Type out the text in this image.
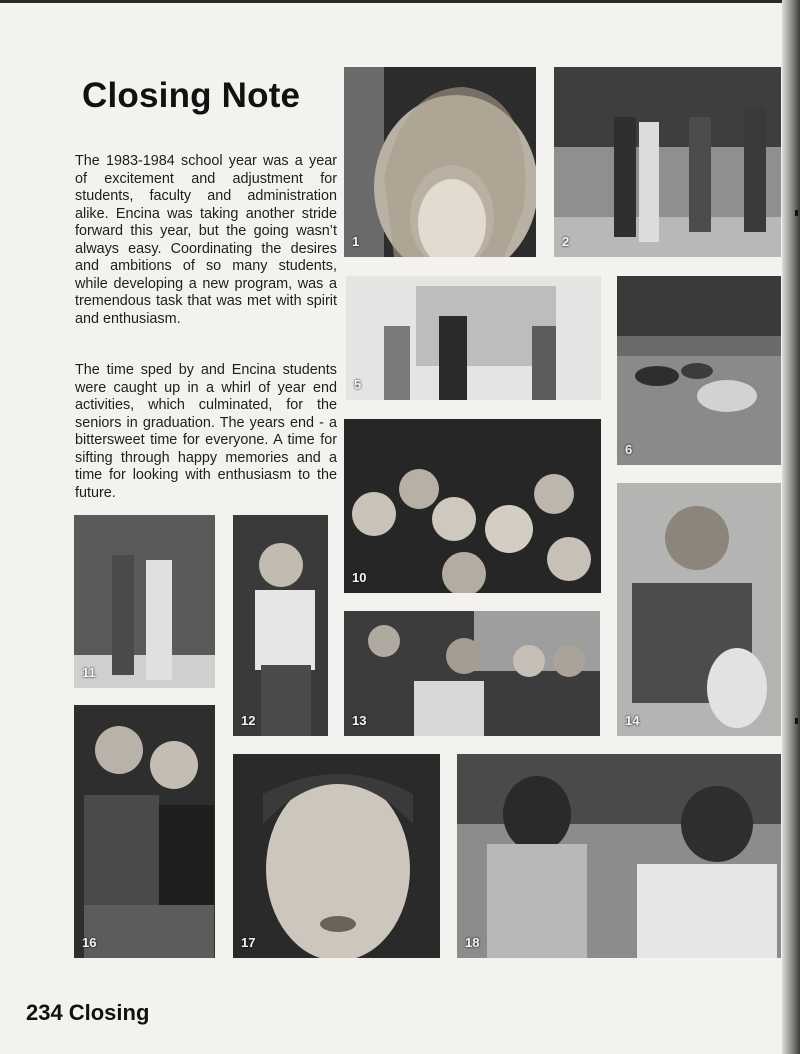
Closing Note

The 1983-1984 school year was a year of excitement and adjustment for students, faculty and administration alike. Encina was taking another stride forward this year, but the going wasn’t always easy. Coordinating the desires and ambitions of so many students, while developing a new program, was a tremendous task that was met with spirit and enthusiasm.

The time sped by and Encina students were caught up in a whirl of year end activities, which culminated, for the seniors in graduation. The years end - a bittersweet time for everyone. A time for sifting through happy memories and a time for looking with enthusiasm to the future.

1	2
5
6
10
11
12	13	14
16	17	18
234 Closing
